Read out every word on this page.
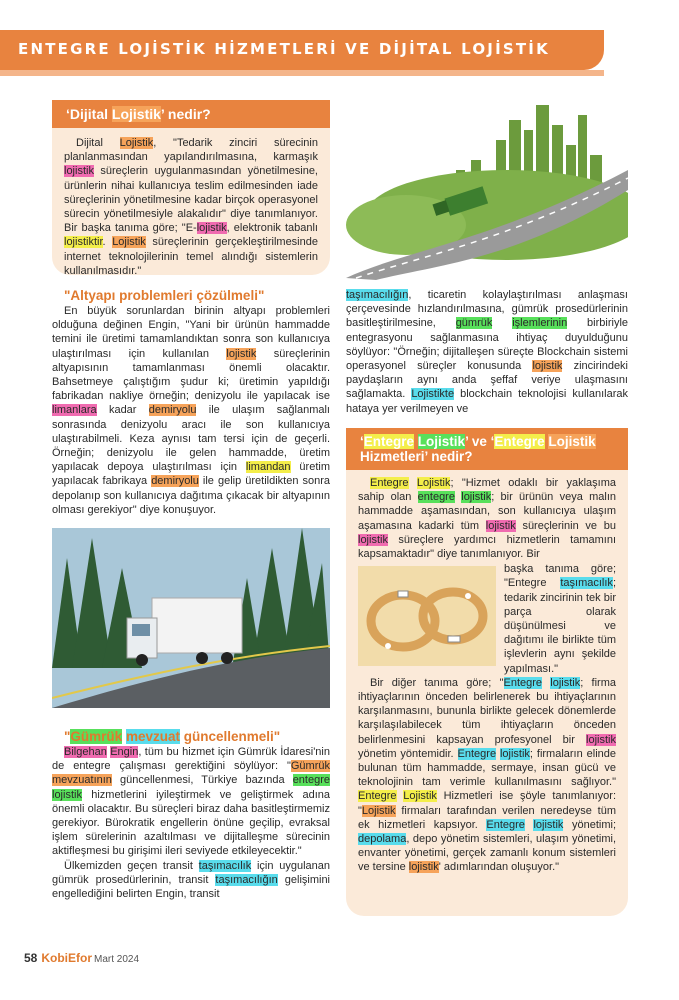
ENTEGRE LOJİSTİK HİZMETLERİ VE DİJİTAL LOJİSTİK
‘Dijital Lojistik’ nedir?
Dijital Lojistik, "Tedarik zinciri sürecinin planlanmasından yapılandırılmasına, karmaşık lojistik süreçlerin uygulanmasından yönetilmesine, ürünlerin nihai kullanıcıya teslim edilmesinden iade süreçlerinin yönetilmesine kadar birçok operasyonel sürecin yönetilmesiyle alakalıdır" diye tanımlanıyor. Bir başka tanıma göre; "E-lojistik, elektronik tabanlı lojistiktir. Lojistik süreçlerinin gerçekleştirilmesinde internet teknolojilerinin temel alındığı sistemlerin kullanılmasıdır."
"Altyapı problemleri çözülmeli"

En büyük sorunlardan birinin altyapı problemleri olduğuna değinen Engin, "Yani bir ürünün hammadde temini ile üretimi tamamlandıktan sonra son kullanıcıya ulaştırılması için kullanılan lojistik süreçlerinin altyapısının tamamlanması önemli olacaktır. Bahsetmeye çalıştığım şudur ki; üretimin yapıldığı fabrikadan nakliye örneğin; denizyolu ile yapılacak ise limanlara kadar demiryolu ile ulaşım sağlanmalı sonrasında denizyolu aracı ile son kullanıcıya ulaştırabilmeli. Keza aynısı tam tersi için de geçerli. Örneğin; denizyolu ile gelen hammadde, üretim yapılacak depoya ulaştırılması için limandan üretim yapılacak fabrikaya demiryolu ile gelip üretildikten sonra depolanıp son kullanıcıya dağıtıma çıkacak bir altyapının olması gerekiyor" diye konuşuyor.

"Gümrük mevzuat güncellenmeli"

Bilgehan Engin, tüm bu hizmet için Gümrük İdaresi'nin de entegre çalışması gerektiğini söylüyor: "Gümrük mevzuatının güncellenmesi, Türkiye bazında entegre lojistik hizmetlerini iyileştirmek ve geliştirmek adına önemli olacaktır. Bu süreçleri biraz daha basitleştirmemiz gerekiyor. Bürokratik engellerin önüne geçilip, evraksal işlem sürelerinin azaltılması ve dijitalleşme sürecinin aktifleşmesi bu girişimi ileri seviyede etkileyecektir."

Ülkemizden geçen transit taşımacılık için uygulanan gümrük prosedürlerinin, transit taşımacılığın gelişimini engellediğini belirten Engin, transit

taşımacılığın, ticaretin kolaylaştırılması anlaşması çerçevesinde hızlandırılmasına, gümrük prosedürlerinin basitleştirilmesine, gümrük işlemlerinin birbiriyle entegrasyonu sağlanmasına ihtiyaç duyulduğunu söylüyor: "Örneğin; dijitalleşen süreçte Blockchain sistemi operasyonel süreçler konusunda lojistik zincirindeki paydaşların aynı anda şeffaf veriye ulaşmasını sağlamakta. Lojistikte blockchain teknolojisi kullanılarak hataya yer verilmeyen ve
‘Entegre Lojistik’ ve ‘Entegre Lojistik Hizmetleri’ nedir?
Entegre Lojistik; "Hizmet odaklı bir yaklaşıma sahip olan entegre lojistik; bir ürünün veya malın hammadde aşamasından, son kullanıcıya ulaşım aşamasına kadarki tüm lojistik süreçlerinin ve bu lojistik süreçlere yardımcı hizmetlerin tamamını kapsamaktadır" diye tanımlanıyor. Bir
başka tanıma göre; "Entegre taşımacılık; tedarik zincirinin tek bir parça olarak düşünülmesi ve dağıtımı ile birlikte tüm işlevlerin aynı şekilde yapılması."
Bir diğer tanıma göre; "Entegre lojistik; firma ihtiyaçlarının önceden belirlenerek bu ihtiyaçlarının karşılanmasını, bununla birlikte gelecek dönemlerde karşılaşılabilecek tüm ihtiyaçların önceden belirlenmesini kapsayan profesyonel bir lojistik yönetim yöntemidir. Entegre lojistik; firmaların elinde bulunan tüm hammadde, sermaye, insan gücü ve teknolojinin tam verimle kullanılmasını sağlıyor." Entegre Lojistik Hizmetleri ise şöyle tanımlanıyor: "Lojistik firmaları tarafından verilen neredeyse tüm ek hizmetleri kapsıyor. Entegre lojistik yönetimi; depolama, depo yönetim sistemleri, ulaşım yönetimi, envanter yönetimi, gerçek zamanlı konum sistemleri ve tersine lojistik' adımlarından oluşuyor."
58 KobiEfor Mart 2024
